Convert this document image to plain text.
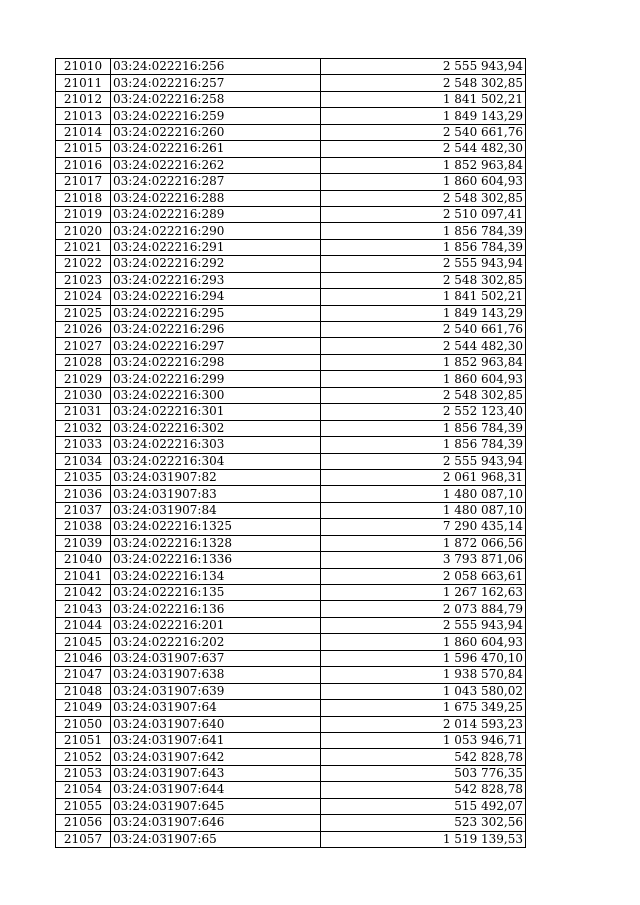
21010	03:24:022216:256	2 555 943,94
21011	03:24:022216:257	2 548 302,85
21012	03:24:022216:258	1 841 502,21
21013	03:24:022216:259	1 849 143,29
21014	03:24:022216:260	2 540 661,76
21015	03:24:022216:261	2 544 482,30
21016	03:24:022216:262	1 852 963,84
21017	03:24:022216:287	1 860 604,93
21018	03:24:022216:288	2 548 302,85
21019	03:24:022216:289	2 510 097,41
21020	03:24:022216:290	1 856 784,39
21021	03:24:022216:291	1 856 784,39
21022	03:24:022216:292	2 555 943,94
21023	03:24:022216:293	2 548 302,85
21024	03:24:022216:294	1 841 502,21
21025	03:24:022216:295	1 849 143,29
21026	03:24:022216:296	2 540 661,76
21027	03:24:022216:297	2 544 482,30
21028	03:24:022216:298	1 852 963,84
21029	03:24:022216:299	1 860 604,93
21030	03:24:022216:300	2 548 302,85
21031	03:24:022216:301	2 552 123,40
21032	03:24:022216:302	1 856 784,39
21033	03:24:022216:303	1 856 784,39
21034	03:24:022216:304	2 555 943,94
21035	03:24:031907:82	2 061 968,31
21036	03:24:031907:83	1 480 087,10
21037	03:24:031907:84	1 480 087,10
21038	03:24:022216:1325	7 290 435,14
21039	03:24:022216:1328	1 872 066,56
21040	03:24:022216:1336	3 793 871,06
21041	03:24:022216:134	2 058 663,61
21042	03:24:022216:135	1 267 162,63
21043	03:24:022216:136	2 073 884,79
21044	03:24:022216:201	2 555 943,94
21045	03:24:022216:202	1 860 604,93
21046	03:24:031907:637	1 596 470,10
21047	03:24:031907:638	1 938 570,84
21048	03:24:031907:639	1 043 580,02
21049	03:24:031907:64	1 675 349,25
21050	03:24:031907:640	2 014 593,23
21051	03:24:031907:641	1 053 946,71
21052	03:24:031907:642	542 828,78
21053	03:24:031907:643	503 776,35
21054	03:24:031907:644	542 828,78
21055	03:24:031907:645	515 492,07
21056	03:24:031907:646	523 302,56
21057	03:24:031907:65	1 519 139,53
